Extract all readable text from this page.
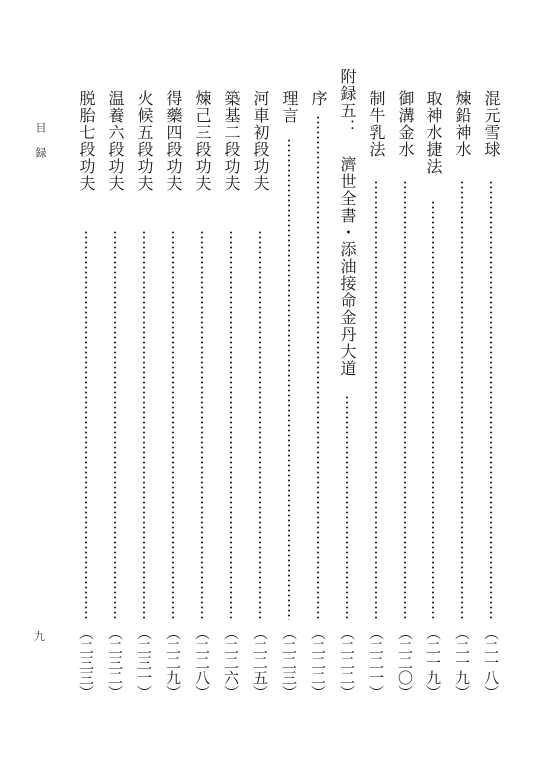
目録
九
混元雪球
（二一八）
煉鉛神水
（二一九）
取神水捷法
（二一九）
御溝金水
（二二〇）
制牛乳法
（二二一）
附録五： 濟世全書・添油接命金丹大道
（二二二）
序
（二二二）
理言
（二二三）
河車初段功夫
（二二五）
築基二段功夫
（二二六）
煉己三段功夫
（二二八）
得藥四段功夫
（二二九）
火候五段功夫
（二三一）
温養六段功夫
（二三二）
脱胎七段功夫
（二三三）
